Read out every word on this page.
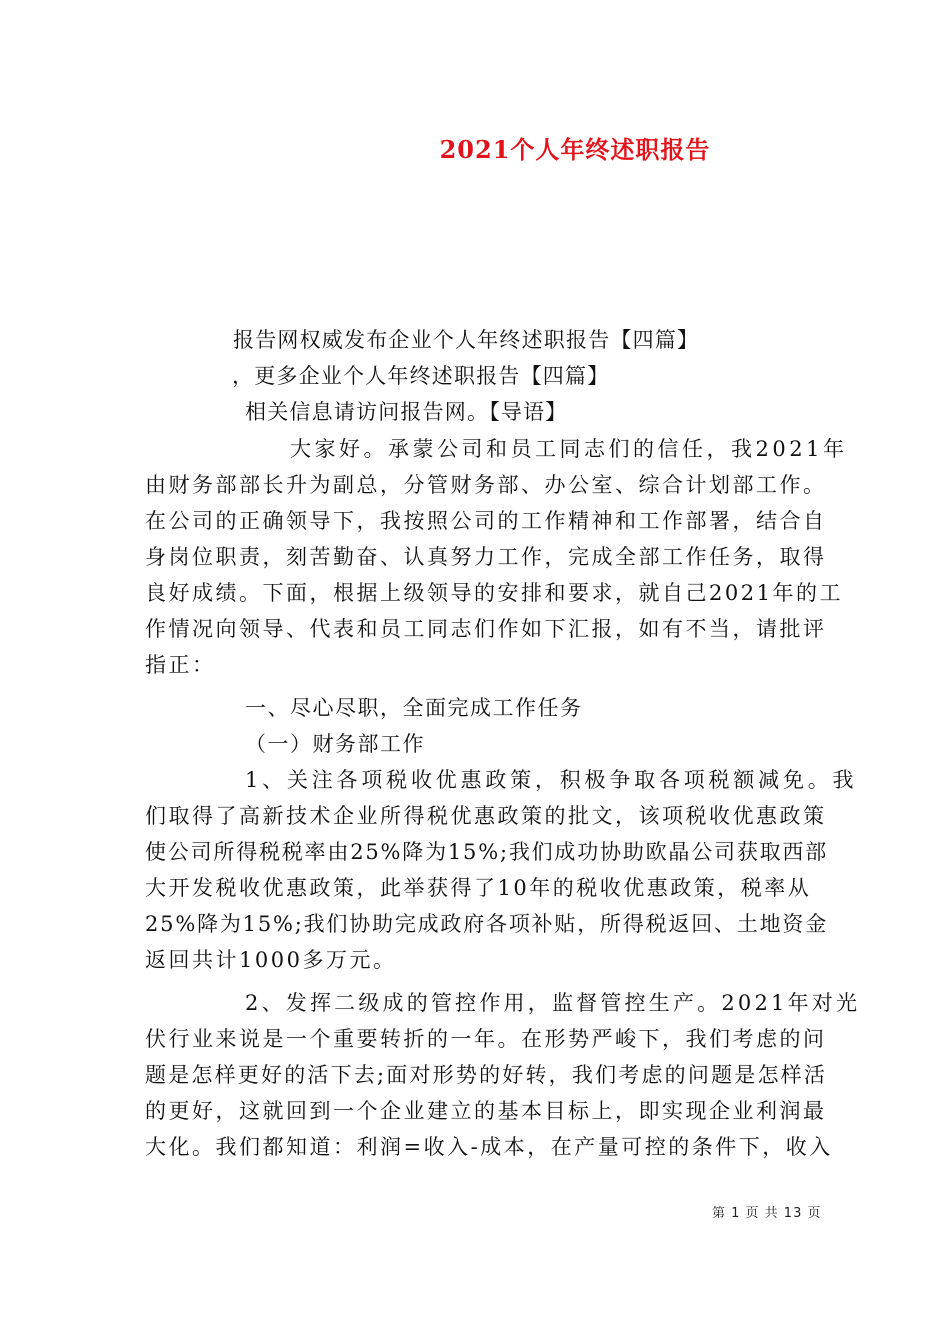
2021个人年终述职报告
报告网权威发布企业个人年终述职报告【四篇】
，更多企业个人年终述职报告【四篇】
相关信息请访问报告网。【导语】
大家好。承蒙公司和员工同志们的信任，我2021年
由财务部部长升为副总，分管财务部、办公室、综合计划部工作。
在公司的正确领导下，我按照公司的工作精神和工作部署，结合自
身岗位职责，刻苦勤奋、认真努力工作，完成全部工作任务，取得
良好成绩。下面，根据上级领导的安排和要求，就自己2021年的工
作情况向领导、代表和员工同志们作如下汇报，如有不当，请批评
指正：
一、尽心尽职，全面完成工作任务
（一）财务部工作
1、关注各项税收优惠政策，积极争取各项税额减免。我
们取得了高新技术企业所得税优惠政策的批文，该项税收优惠政策
使公司所得税税率由25%降为15%;我们成功协助欧晶公司获取西部
大开发税收优惠政策，此举获得了10年的税收优惠政策，税率从
25%降为15%;我们协助完成政府各项补贴，所得税返回、土地资金
返回共计1000多万元。
2、发挥二级成的管控作用，监督管控生产。2021年对光
伏行业来说是一个重要转折的一年。在形势严峻下，我们考虑的问
题是怎样更好的活下去;面对形势的好转，我们考虑的问题是怎样活
的更好，这就回到一个企业建立的基本目标上，即实现企业利润最
大化。我们都知道：利润=收入-成本，在产量可控的条件下，收入
第 1 页 共 13 页
